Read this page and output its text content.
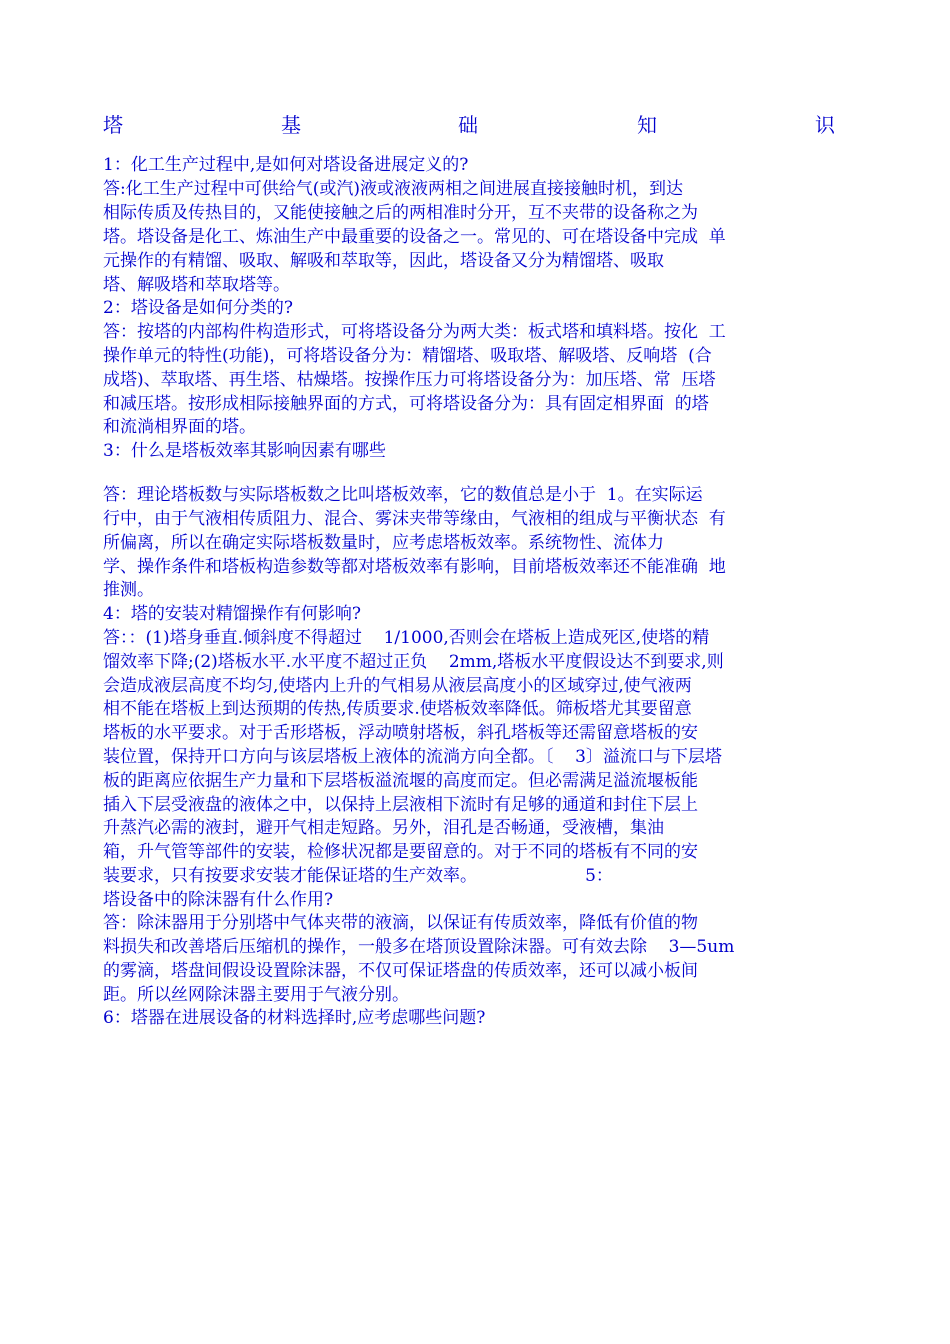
塔	基	础	知	识
1：化工生产过程中,是如何对塔设备进展定义的?
答:化工生产过程中可供给气(或汽)液或液液两相之间进展直接接触时机，到达
相际传质及传热目的，又能使接触之后的两相准时分开，互不夹带的设备称之为
塔。塔设备是化工、炼油生产中最重要的设备之一。常见的、可在塔设备中完成  单
元操作的有精馏、吸取、解吸和萃取等，因此，塔设备又分为精馏塔、吸取
塔、解吸塔和萃取塔等。
2：塔设备是如何分类的?
答：按塔的内部构件构造形式，可将塔设备分为两大类：板式塔和填料塔。按化  工
操作单元的特性(功能)，可将塔设备分为：精馏塔、吸取塔、解吸塔、反响塔  (合
成塔)、萃取塔、再生塔、枯燥塔。按操作压力可将塔设备分为：加压塔、常  压塔
和减压塔。按形成相际接触界面的方式，可将塔设备分为：具有固定相界面  的塔
和流淌相界面的塔。
3：什么是塔板效率其影响因素有哪些
答：理论塔板数与实际塔板数之比叫塔板效率，它的数值总是小于  1。在实际运
行中，由于气液相传质阻力、混合、雾沫夹带等缘由，气液相的组成与平衡状态  有
所偏离，所以在确定实际塔板数量时，应考虑塔板效率。系统物性、流体力
学、操作条件和塔板构造参数等都对塔板效率有影响，目前塔板效率还不能准确  地
推测。
4：塔的安装对精馏操作有何影响?
答：：(1)塔身垂直.倾斜度不得超过    1/1000,否则会在塔板上造成死区,使塔的精
馏效率下降;(2)塔板水平.水平度不超过正负    2mm,塔板水平度假设达不到要求,则
会造成液层高度不均匀,使塔内上升的气相易从液层高度小的区域穿过,使气液两
相不能在塔板上到达预期的传热,传质要求.使塔板效率降低。筛板塔尤其要留意
塔板的水平要求。对于舌形塔板，浮动喷射塔板，斜孔塔板等还需留意塔板的安
装位置，保持开口方向与该层塔板上液体的流淌方向全都。〔    3〕溢流口与下层塔
板的距离应依据生产力量和下层塔板溢流堰的高度而定。但必需满足溢流堰板能
插入下层受液盘的液体之中，以保持上层液相下流时有足够的通道和封住下层上
升蒸汽必需的液封，避开气相走短路。另外，泪孔是否畅通，受液槽，集油
箱，升气管等部件的安装，检修状况都是要留意的。对于不同的塔板有不同的安
装要求，只有按要求安装才能保证塔的生产效率。                    5：
塔设备中的除沫器有什么作用?
答：除沫器用于分别塔中气体夹带的液滴，以保证有传质效率，降低有价值的物
料损失和改善塔后压缩机的操作，一般多在塔顶设置除沫器。可有效去除    3—5um
的雾滴，塔盘间假设设置除沫器，不仅可保证塔盘的传质效率，还可以减小板间
距。所以丝网除沫器主要用于气液分别。
6：塔器在进展设备的材料选择时,应考虑哪些问题?
